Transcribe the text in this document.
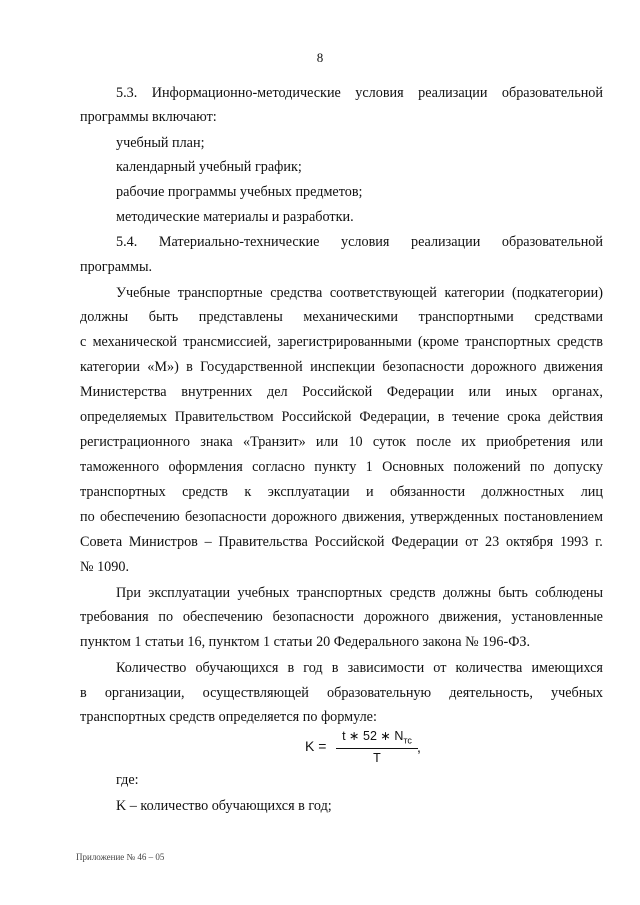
8
5.3. Информационно-методические условия реализации образовательной
программы включают:
учебный план;
календарный учебный график;
рабочие программы учебных предметов;
методические материалы и разработки.
5.4. Материально-технические условия реализации образовательной
программы.
Учебные транспортные средства соответствующей категории (подкатегории)
должны быть представлены механическими транспортными средствами
с механической трансмиссией, зарегистрированными (кроме транспортных средств
категории «М») в Государственной инспекции безопасности дорожного движения
Министерства внутренних дел Российской Федерации или иных органах,
определяемых Правительством Российской Федерации, в течение срока действия
регистрационного знака «Транзит» или 10 суток после их приобретения или
таможенного оформления согласно пункту 1 Основных положений по допуску
транспортных средств к эксплуатации и обязанности должностных лиц
по обеспечению безопасности дорожного движения, утвержденных постановлением
Совета Министров – Правительства Российской Федерации от 23 октября 1993 г.
№ 1090.
При эксплуатации учебных транспортных средств должны быть соблюдены
требования по обеспечению безопасности дорожного движения, установленные
пунктом 1 статьи 16, пунктом 1 статьи 20 Федерального закона № 196-ФЗ.
Количество обучающихся в год в зависимости от количества имеющихся
в организации, осуществляющей образовательную деятельность, учебных
транспортных средств определяется по формуле:
K =
t ∗ 52 ∗ $N_{тс}$
T
,
где:
K – количество обучающихся в год;
Приложение № 46 – 05
